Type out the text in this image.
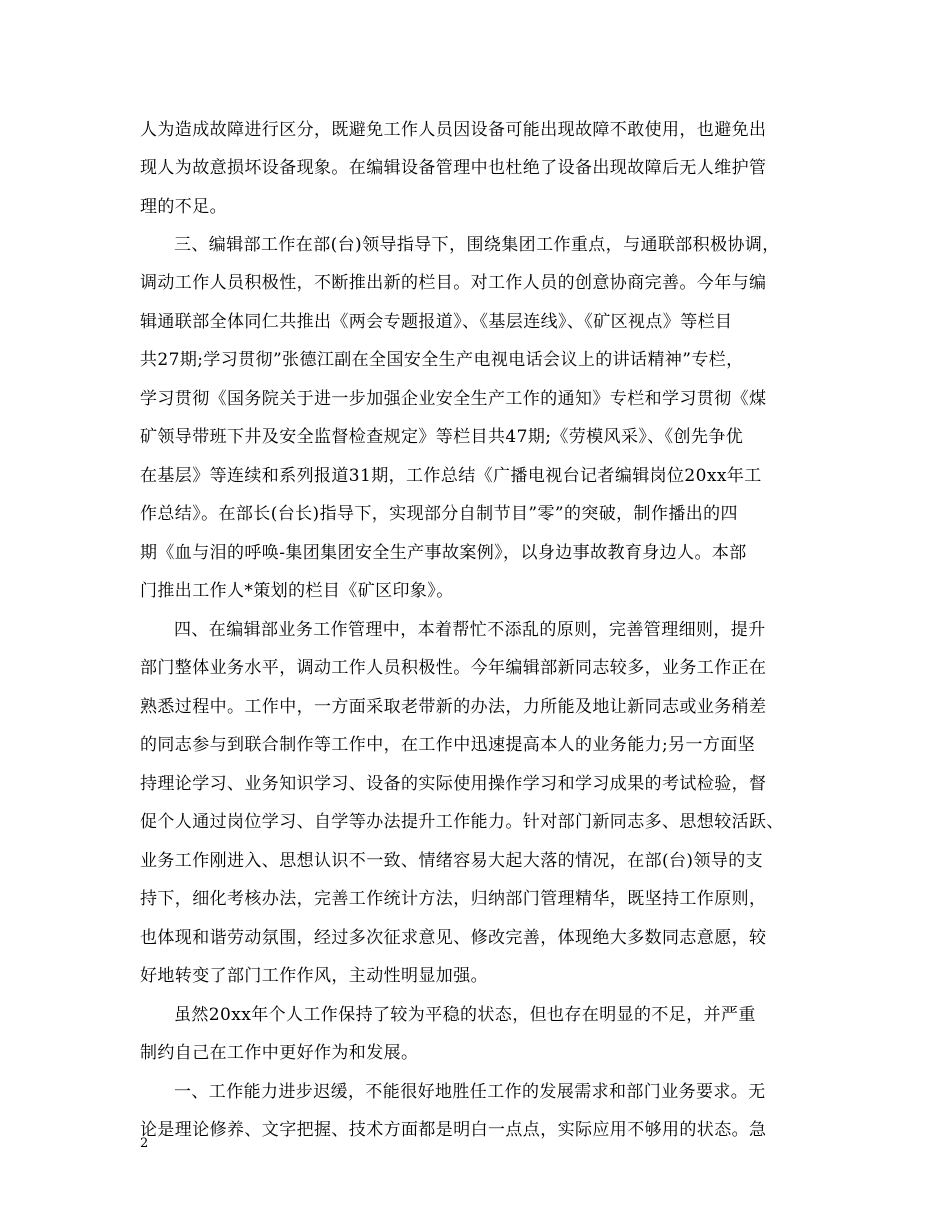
人为造成故障进行区分，既避免工作人员因设备可能出现故障不敢使用，也避免出
现人为故意损坏设备现象。在编辑设备管理中也杜绝了设备出现故障后无人维护管
理的不足。
三、编辑部工作在部(台)领导指导下，围绕集团工作重点，与通联部积极协调，
调动工作人员积极性，不断推出新的栏目。对工作人员的创意协商完善。今年与编
辑通联部全体同仁共推出《两会专题报道》、《基层连线》、《矿区视点》等栏目
共27期;学习贯彻”张德江副在全国安全生产电视电话会议上的讲话精神”专栏，
学习贯彻《国务院关于进一步加强企业安全生产工作的通知》专栏和学习贯彻《煤
矿领导带班下井及安全监督检查规定》等栏目共47期;《劳模风采》、《创先争优
在基层》等连续和系列报道31期，工作总结《广播电视台记者编辑岗位20xx年工
作总结》。在部长(台长)指导下，实现部分自制节目”零”的突破，制作播出的四
期《血与泪的呼唤-集团集团安全生产事故案例》，以身边事故教育身边人。本部
门推出工作人*策划的栏目《矿区印象》。
四、在编辑部业务工作管理中，本着帮忙不添乱的原则，完善管理细则，提升
部门整体业务水平，调动工作人员积极性。今年编辑部新同志较多，业务工作正在
熟悉过程中。工作中，一方面采取老带新的办法，力所能及地让新同志或业务稍差
的同志参与到联合制作等工作中，在工作中迅速提高本人的业务能力;另一方面坚
持理论学习、业务知识学习、设备的实际使用操作学习和学习成果的考试检验，督
促个人通过岗位学习、自学等办法提升工作能力。针对部门新同志多、思想较活跃、
业务工作刚进入、思想认识不一致、情绪容易大起大落的情况，在部(台)领导的支
持下，细化考核办法，完善工作统计方法，归纳部门管理精华，既坚持工作原则，
也体现和谐劳动氛围，经过多次征求意见、修改完善，体现绝大多数同志意愿，较
好地转变了部门工作作风，主动性明显加强。
虽然20xx年个人工作保持了较为平稳的状态，但也存在明显的不足，并严重
制约自己在工作中更好作为和发展。
一、工作能力进步迟缓，不能很好地胜任工作的发展需求和部门业务要求。无
论是理论修养、文字把握、技术方面都是明白一点点，实际应用不够用的状态。急
2
